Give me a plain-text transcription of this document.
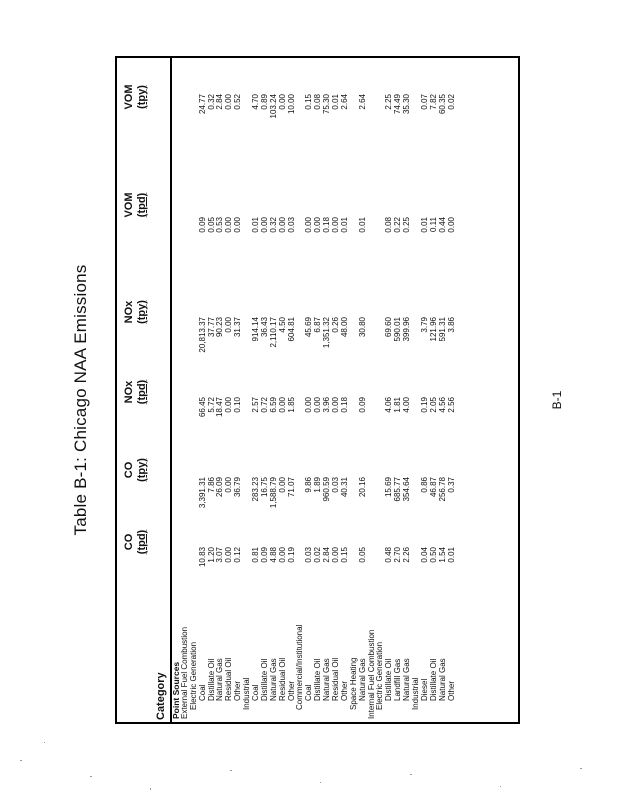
Table B-1: Chicago NAA Emissions
Category
CO (tpd)
CO (tpy)
NOx (tpd)
NOx (tpy)
VOM (tpd)
VOM (tpy)
Point Sources
External Fuel Combustion Electric Generation Coal
10.83
3,391.31
66.45
20,813.37
0.09
24.77
Distillate Oil
1.20
7.86
5.72
37.77
0.05
0.32
Natural Gas
3.07
26.09
18.47
90.23
0.53
2.84
Residual Oil
0.00
0.00
0.00
0.00
0.00
0.00
Other
0.12
36.79
0.10
31.37
0.00
0.52
Industrial Coal
0.81
283.23
2.57
914.14
0.01
4.70
Distillate Oil
0.09
16.75
0.72
36.43
0.00
0.89
Natural Gas
4.88
1,588.79
6.59
2,110.17
0.32
103.24
Residual Oil
0.00
0.00
0.00
4.50
0.00
0.00
Other
0.19
71.07
1.85
604.81
0.03
10.00
Commercial/Institutional Coal
0.03
9.86
0.00
45.69
0.00
0.15
Distillate Oil
0.02
1.89
0.00
6.87
0.00
0.08
Natural Gas
2.84
960.59
3.96
1,351.32
0.18
75.30
Residual Oil
0.00
0.03
0.00
0.26
0.00
0.01
Other
0.15
40.31
0.18
48.00
0.01
2.64
Space Heating Natural Gas
0.05
20.16
0.09
30.80
0.01
2.64
Internal Fuel Combustion Electric Generation Distillate Oil
0.48
15.69
4.06
69.60
0.08
2.25
Landfill Gas
2.70
685.77
1.81
590.01
0.22
74.49
Natural Gas
2.26
354.64
4.00
399.96
0.25
35.30
Industrial Diesel
0.04
0.86
0.19
3.79
0.01
0.07
Distillate Oil
0.50
46.87
2.05
121.96
0.11
7.82
Natural Gas
1.54
256.78
4.56
591.31
0.44
60.35
Other
0.01
0.37
2.56
3.86
0.00
0.02
B-1
